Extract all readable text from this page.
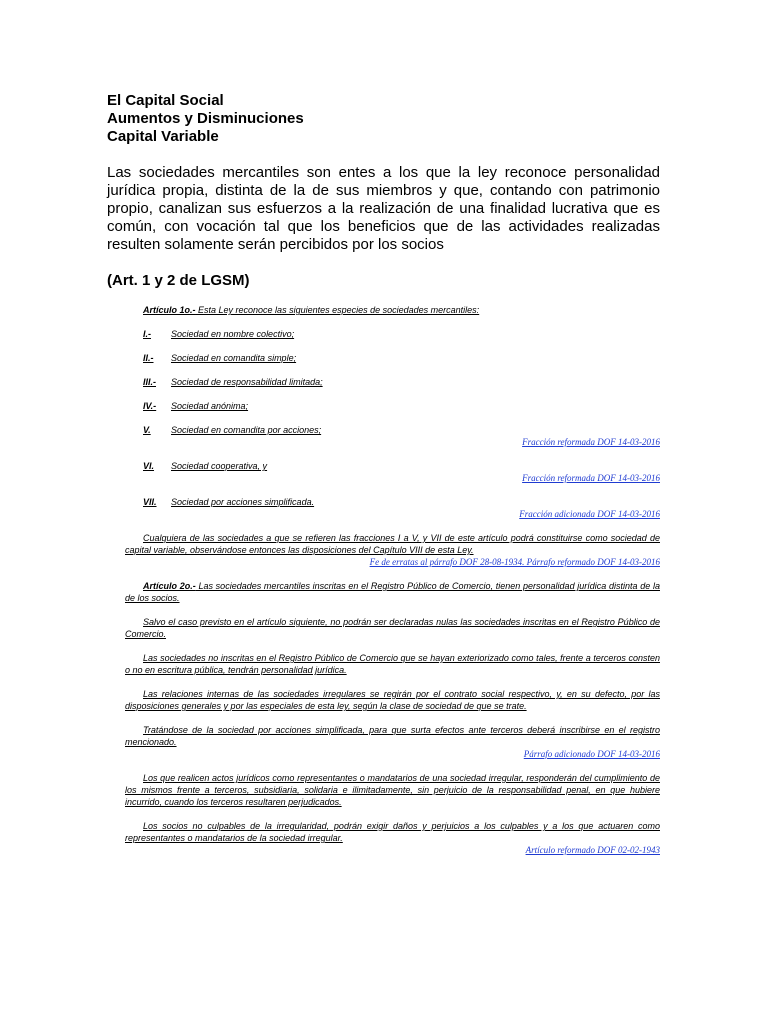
El Capital Social

Aumentos y Disminuciones

Capital Variable

Las sociedades mercantiles son entes a los que la ley reconoce personalidad jurídica propia, distinta de la de sus miembros y que, contando con patrimonio propio, canalizan sus esfuerzos a la realización de una finalidad lucrativa que es común, con vocación tal que los beneficios que de las actividades realizadas resulten solamente serán percibidos por los socios

(Art. 1 y 2 de LGSM)

Artículo 1o.- Esta Ley reconoce las siguientes especies de sociedades mercantiles:

I.- Sociedad en nombre colectivo;

II.- Sociedad en comandita simple;

III.- Sociedad de responsabilidad limitada;

IV.- Sociedad anónima;

V. Sociedad en comandita por acciones;

Fracción reformada DOF 14-03-2016

VI. Sociedad cooperativa, y

Fracción reformada DOF 14-03-2016

VII. Sociedad por acciones simplificada.

Fracción adicionada DOF 14-03-2016

Cualquiera de las sociedades a que se refieren las fracciones I a V, y VII de este artículo podrá constituirse como sociedad de capital variable, observándose entonces las disposiciones del Capítulo VIII de esta Ley.

Fe de erratas al párrafo DOF 28-08-1934. Párrafo reformado DOF 14-03-2016

Artículo 2o.- Las sociedades mercantiles inscritas en el Registro Público de Comercio, tienen personalidad jurídica distinta de la de los socios.

Salvo el caso previsto en el artículo siguiente, no podrán ser declaradas nulas las sociedades inscritas en el Registro Público de Comercio.

Las sociedades no inscritas en el Registro Público de Comercio que se hayan exteriorizado como tales, frente a terceros consten o no en escritura pública, tendrán personalidad jurídica.

Las relaciones internas de las sociedades irregulares se regirán por el contrato social respectivo, y, en su defecto, por las disposiciones generales y por las especiales de esta ley, según la clase de sociedad de que se trate.

Tratándose de la sociedad por acciones simplificada, para que surta efectos ante terceros deberá inscribirse en el registro mencionado.

Párrafo adicionado DOF 14-03-2016

Los que realicen actos jurídicos como representantes o mandatarios de una sociedad irregular, responderán del cumplimiento de los mismos frente a terceros, subsidiaria, solidaria e ilimitadamente, sin perjuicio de la responsabilidad penal, en que hubiere incurrido, cuando los terceros resultaren perjudicados.

Los socios no culpables de la irregularidad, podrán exigir daños y perjuicios a los culpables y a los que actuaren como representantes o mandatarios de la sociedad irregular.

Artículo reformado DOF 02-02-1943
